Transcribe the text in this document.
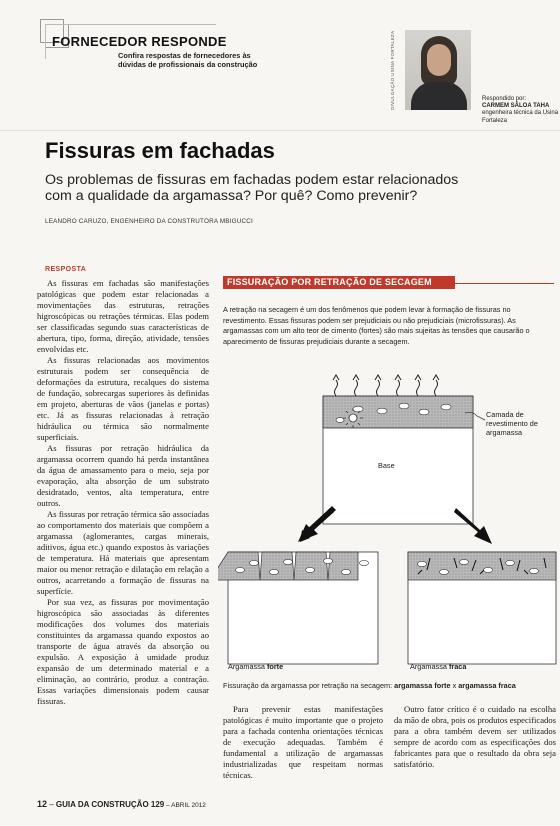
FORNECEDOR RESPONDE
Confira respostas de fornecedores às dúvidas de profissionais da construção	DIVULGAÇÃO USINA FORTALEZA	Respondido por:
CARMEM SÂLOA TAHA
engenheira técnica da Usina Fortaleza
Fissuras em fachadas
Os problemas de fissuras em fachadas podem estar relacionados com a qualidade da argamassa? Por quê? Como prevenir?
LEANDRO CARUZO, ENGENHEIRO DA CONSTRUTORA MBIGUCCI
RESPOSTA

As fissuras em fachadas são manifestações patológicas que podem estar relacionadas a movimentações das estruturas, retrações higroscópicas ou retrações térmicas. Elas podem ser classificadas segundo suas características de abertura, tipo, forma, direção, atividade, tensões envolvidas etc.

As fissuras relacionadas aos movimentos estruturais podem ser consequência de deformações da estrutura, recalques do sistema de fundação, sobrecargas superiores às definidas em projeto, aberturas de vãos (janelas e portas) etc. Já as fissuras relacionadas à retração hidráulica ou térmica são normalmente superficiais.

As fissuras por retração hidráulica da argamassa ocorrem quando há perda instantânea da água de amassamento para o meio, seja por evaporação, alta absorção de um substrato desidratado, ventos, alta temperatura, entre outros.

As fissuras por retração térmica são associadas ao comportamento dos materiais que compõem a argamassa (aglomerantes, cargas minerais, aditivos, água etc.) quando expostos às variações de temperatura. Há materiais que apresentam maior ou menor retração e dilatação em relação a outros, acarretando a formação de fissuras na superfície.

Por sua vez, as fissuras por movimentação higroscópica são associadas às diferentes modificações dos volumes dos materiais constituintes da argamassa quando expostos ao transporte de água através da absorção ou expulsão. A exposição à umidade produz expansão de um determinado material e a eliminação, ao contrário, produz a contração. Essas variações dimensionais podem causar fissuras.

FISSURAÇÃO POR RETRAÇÃO DE SECAGEM
A retração na secagem é um dos fenômenos que podem levar à formação de fissuras no revestimento. Essas fissuras podem ser prejudiciais ou não prejudiciais (microfissuras). As argamassas com um alto teor de cimento (fortes) são mais sujeitas às tensões que causarão o aparecimento de fissuras prejudiciais durante a secagem.
Base
Argamassa forte	Argamassa fraca
Camada de
revestimento de
argamassa
Fissuração da argamassa por retração na secagem: argamassa forte x argamassa fraca

Para prevenir estas manifestações patológicas é muito importante que o projeto para a fachada contenha orientações técnicas de execução adequadas. Também é fundamental a utilização de argamassas industrializadas que respeitam normas técnicas.

Outro fator crítico é o cuidado na escolha da mão de obra, pois os produtos especificados para a obra também devem ser utilizados sempre de acordo com as especificações dos fabricantes para que o resultado da obra seja satisfatório.

12 – GUIA DA CONSTRUÇÃO 129 – ABRIL 2012
